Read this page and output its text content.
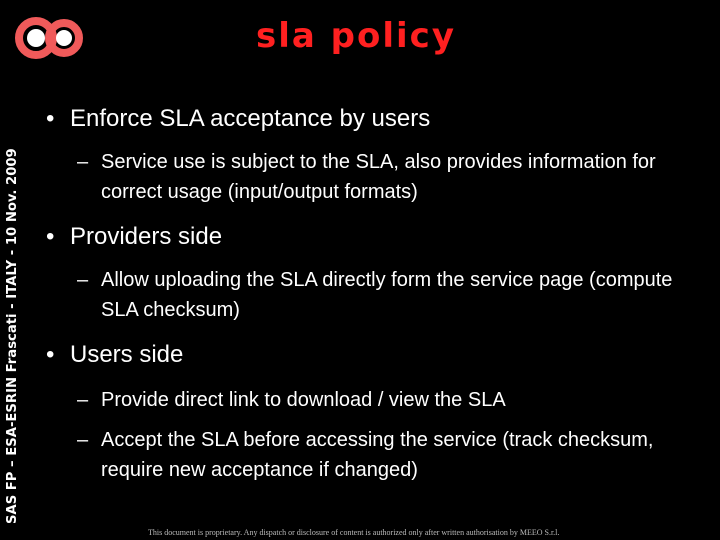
sla policy
SAS FP – ESA-ESRIN Frascati - ITALY - 10 Nov. 2009
• Enforce SLA acceptance by users
– Service use is subject to the SLA, also provides information for correct usage (input/output formats)
• Providers side
– Allow uploading the SLA directly form the service page (compute SLA checksum)
• Users side
– Provide direct link to download / view the SLA
– Accept the SLA before accessing the service (track checksum, require new acceptance if changed)
This document is proprietary. Any dispatch or disclosure of content is authorized only after written authorisation by MEEO S.r.l.
